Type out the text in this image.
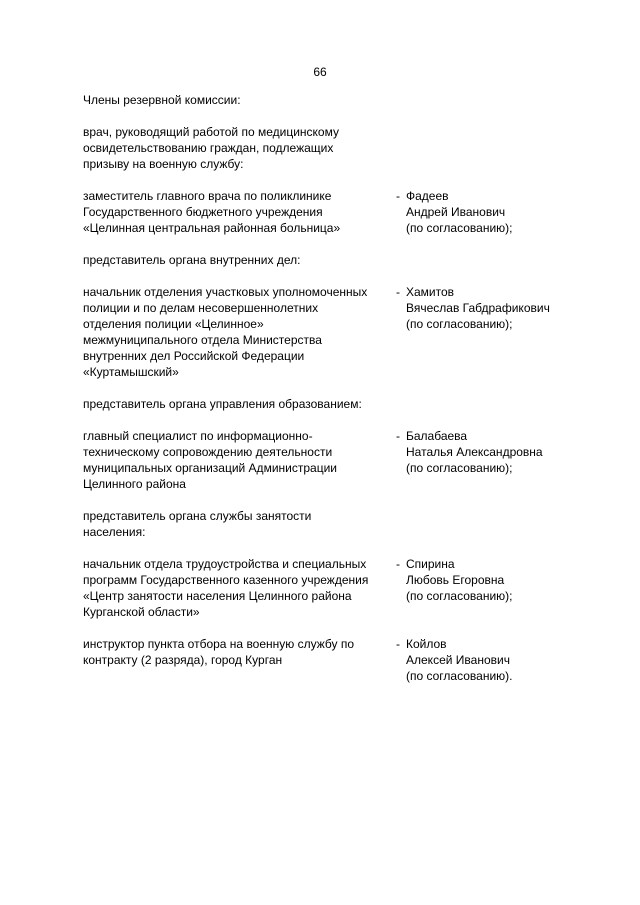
66
Члены резервной комиссии:
врач, руководящий работой по медицинскому
освидетельствованию граждан, подлежащих
призыву на военную службу:
заместитель главного врача по поликлинике
Государственного бюджетного учреждения
«Целинная центральная районная больница»
- Фадеев
Андрей Иванович
(по согласованию);
представитель органа внутренних дел:
начальник отделения участковых уполномоченных
полиции и по делам несовершеннолетних
отделения полиции «Целинное»
межмуниципального отдела Министерства
внутренних дел Российской Федерации
«Куртамышский»
- Хамитов
Вячеслав Габдрафикович
(по согласованию);
представитель органа управления образованием:
главный специалист по информационно-
техническому сопровождению деятельности
муниципальных организаций Администрации
Целинного района
- Балабаева
Наталья Александровна
(по согласованию);
представитель органа службы занятости
населения:
начальник отдела трудоустройства и специальных
программ Государственного казенного учреждения
«Центр занятости населения Целинного района
Курганской области»
- Спирина
Любовь Егоровна
(по согласованию);
инструктор пункта отбора на военную службу по
контракту (2 разряда), город Курган
- Койлов
Алексей Иванович
(по согласованию).
